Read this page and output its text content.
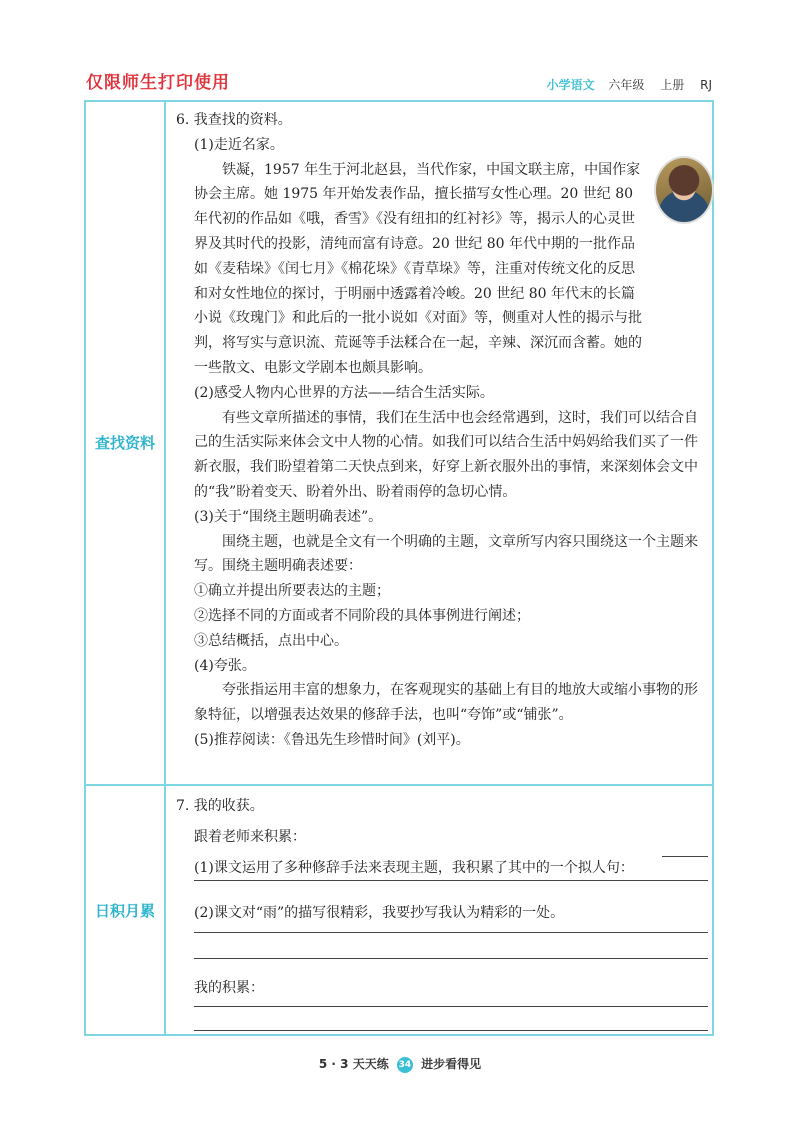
仅限师生打印使用	小学语文 六年级 上册 RJ
查找资料
日积月累

6. 我查找的资料。

(1)走近名家。

铁凝，1957 年生于河北赵县，当代作家，中国文联主席，中国作家协会主席。她 1975 年开始发表作品，擅长描写女性心理。20 世纪 80 年代初的作品如《哦，香雪》《没有纽扣的红衬衫》等，揭示人的心灵世界及其时代的投影，清纯而富有诗意。20 世纪 80 年代中期的一批作品如《麦秸垛》《闰七月》《棉花垛》《青草垛》等，注重对传统文化的反思和对女性地位的探讨，于明丽中透露着冷峻。20 世纪 80 年代末的长篇小说《玫瑰门》和此后的一批小说如《对面》等，侧重对人性的揭示与批判，将写实与意识流、荒诞等手法糅合在一起，辛辣、深沉而含蓄。她的一些散文、电影文学剧本也颇具影响。

(2)感受人物内心世界的方法——结合生活实际。

有些文章所描述的事情，我们在生活中也会经常遇到，这时，我们可以结合自己的生活实际来体会文中人物的心情。如我们可以结合生活中妈妈给我们买了一件新衣服，我们盼望着第二天快点到来，好穿上新衣服外出的事情，来深刻体会文中的“我”盼着变天、盼着外出、盼着雨停的急切心情。

(3)关于“围绕主题明确表述”。

围绕主题，也就是全文有一个明确的主题，文章所写内容只围绕这一个主题来写。围绕主题明确表述要：

①确立并提出所要表达的主题；

②选择不同的方面或者不同阶段的具体事例进行阐述；

③总结概括，点出中心。

(4)夸张。

夸张指运用丰富的想象力，在客观现实的基础上有目的地放大或缩小事物的形象特征，以增强表达效果的修辞手法，也叫“夸饰”或“铺张”。

(5)推荐阅读：《鲁迅先生珍惜时间》(刘平)。

7. 我的收获。

跟着老师来积累：

(1)课文运用了多种修辞手法来表现主题，我积累了其中的一个拟人句：

(2)课文对“雨”的描写很精彩，我要抄写我认为精彩的一处。

我的积累：

5 · 3 天天练 34 进步看得见
